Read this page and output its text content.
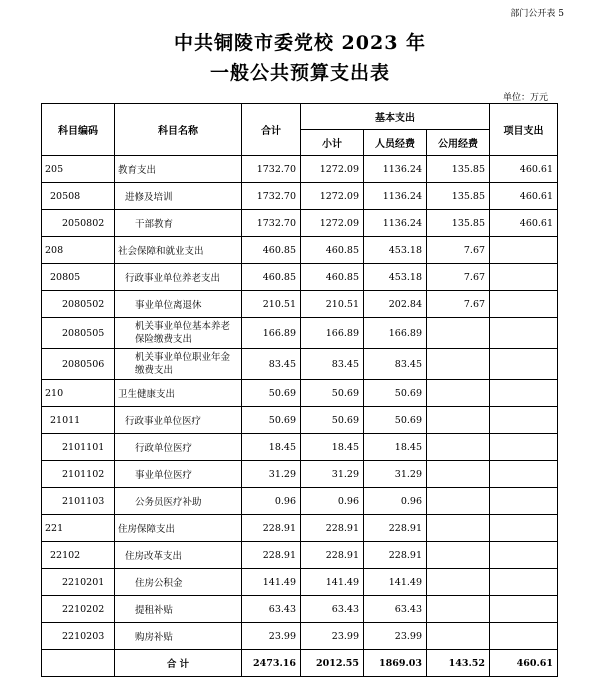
部门公开表 5
中共铜陵市委党校 2023 年
一般公共预算支出表
单位：万元
科目编码	科目名称	合计	基本支出			项目支出
			小计	人员经费	公用经费	
205	教育支出	1732.70	1272.09	1136.24	135.85	460.61
20508	进修及培训	1732.70	1272.09	1136.24	135.85	460.61
2050802	干部教育	1732.70	1272.09	1136.24	135.85	460.61
208	社会保障和就业支出	460.85	460.85	453.18	7.67	
20805	行政事业单位养老支出	460.85	460.85	453.18	7.67	
2080502	事业单位离退休	210.51	210.51	202.84	7.67	
2080505	机关事业单位基本养老保险缴费支出	166.89	166.89	166.89		
2080506	机关事业单位职业年金缴费支出	83.45	83.45	83.45		
210	卫生健康支出	50.69	50.69	50.69		
21011	行政事业单位医疗	50.69	50.69	50.69		
2101101	行政单位医疗	18.45	18.45	18.45		
2101102	事业单位医疗	31.29	31.29	31.29		
2101103	公务员医疗补助	0.96	0.96	0.96		
221	住房保障支出	228.91	228.91	228.91		
22102	住房改革支出	228.91	228.91	228.91		
2210201	住房公积金	141.49	141.49	141.49		
2210202	提租补贴	63.43	63.43	63.43		
2210203	购房补贴	23.99	23.99	23.99		
	合 计	2473.16	2012.55	1869.03	143.52	460.61
